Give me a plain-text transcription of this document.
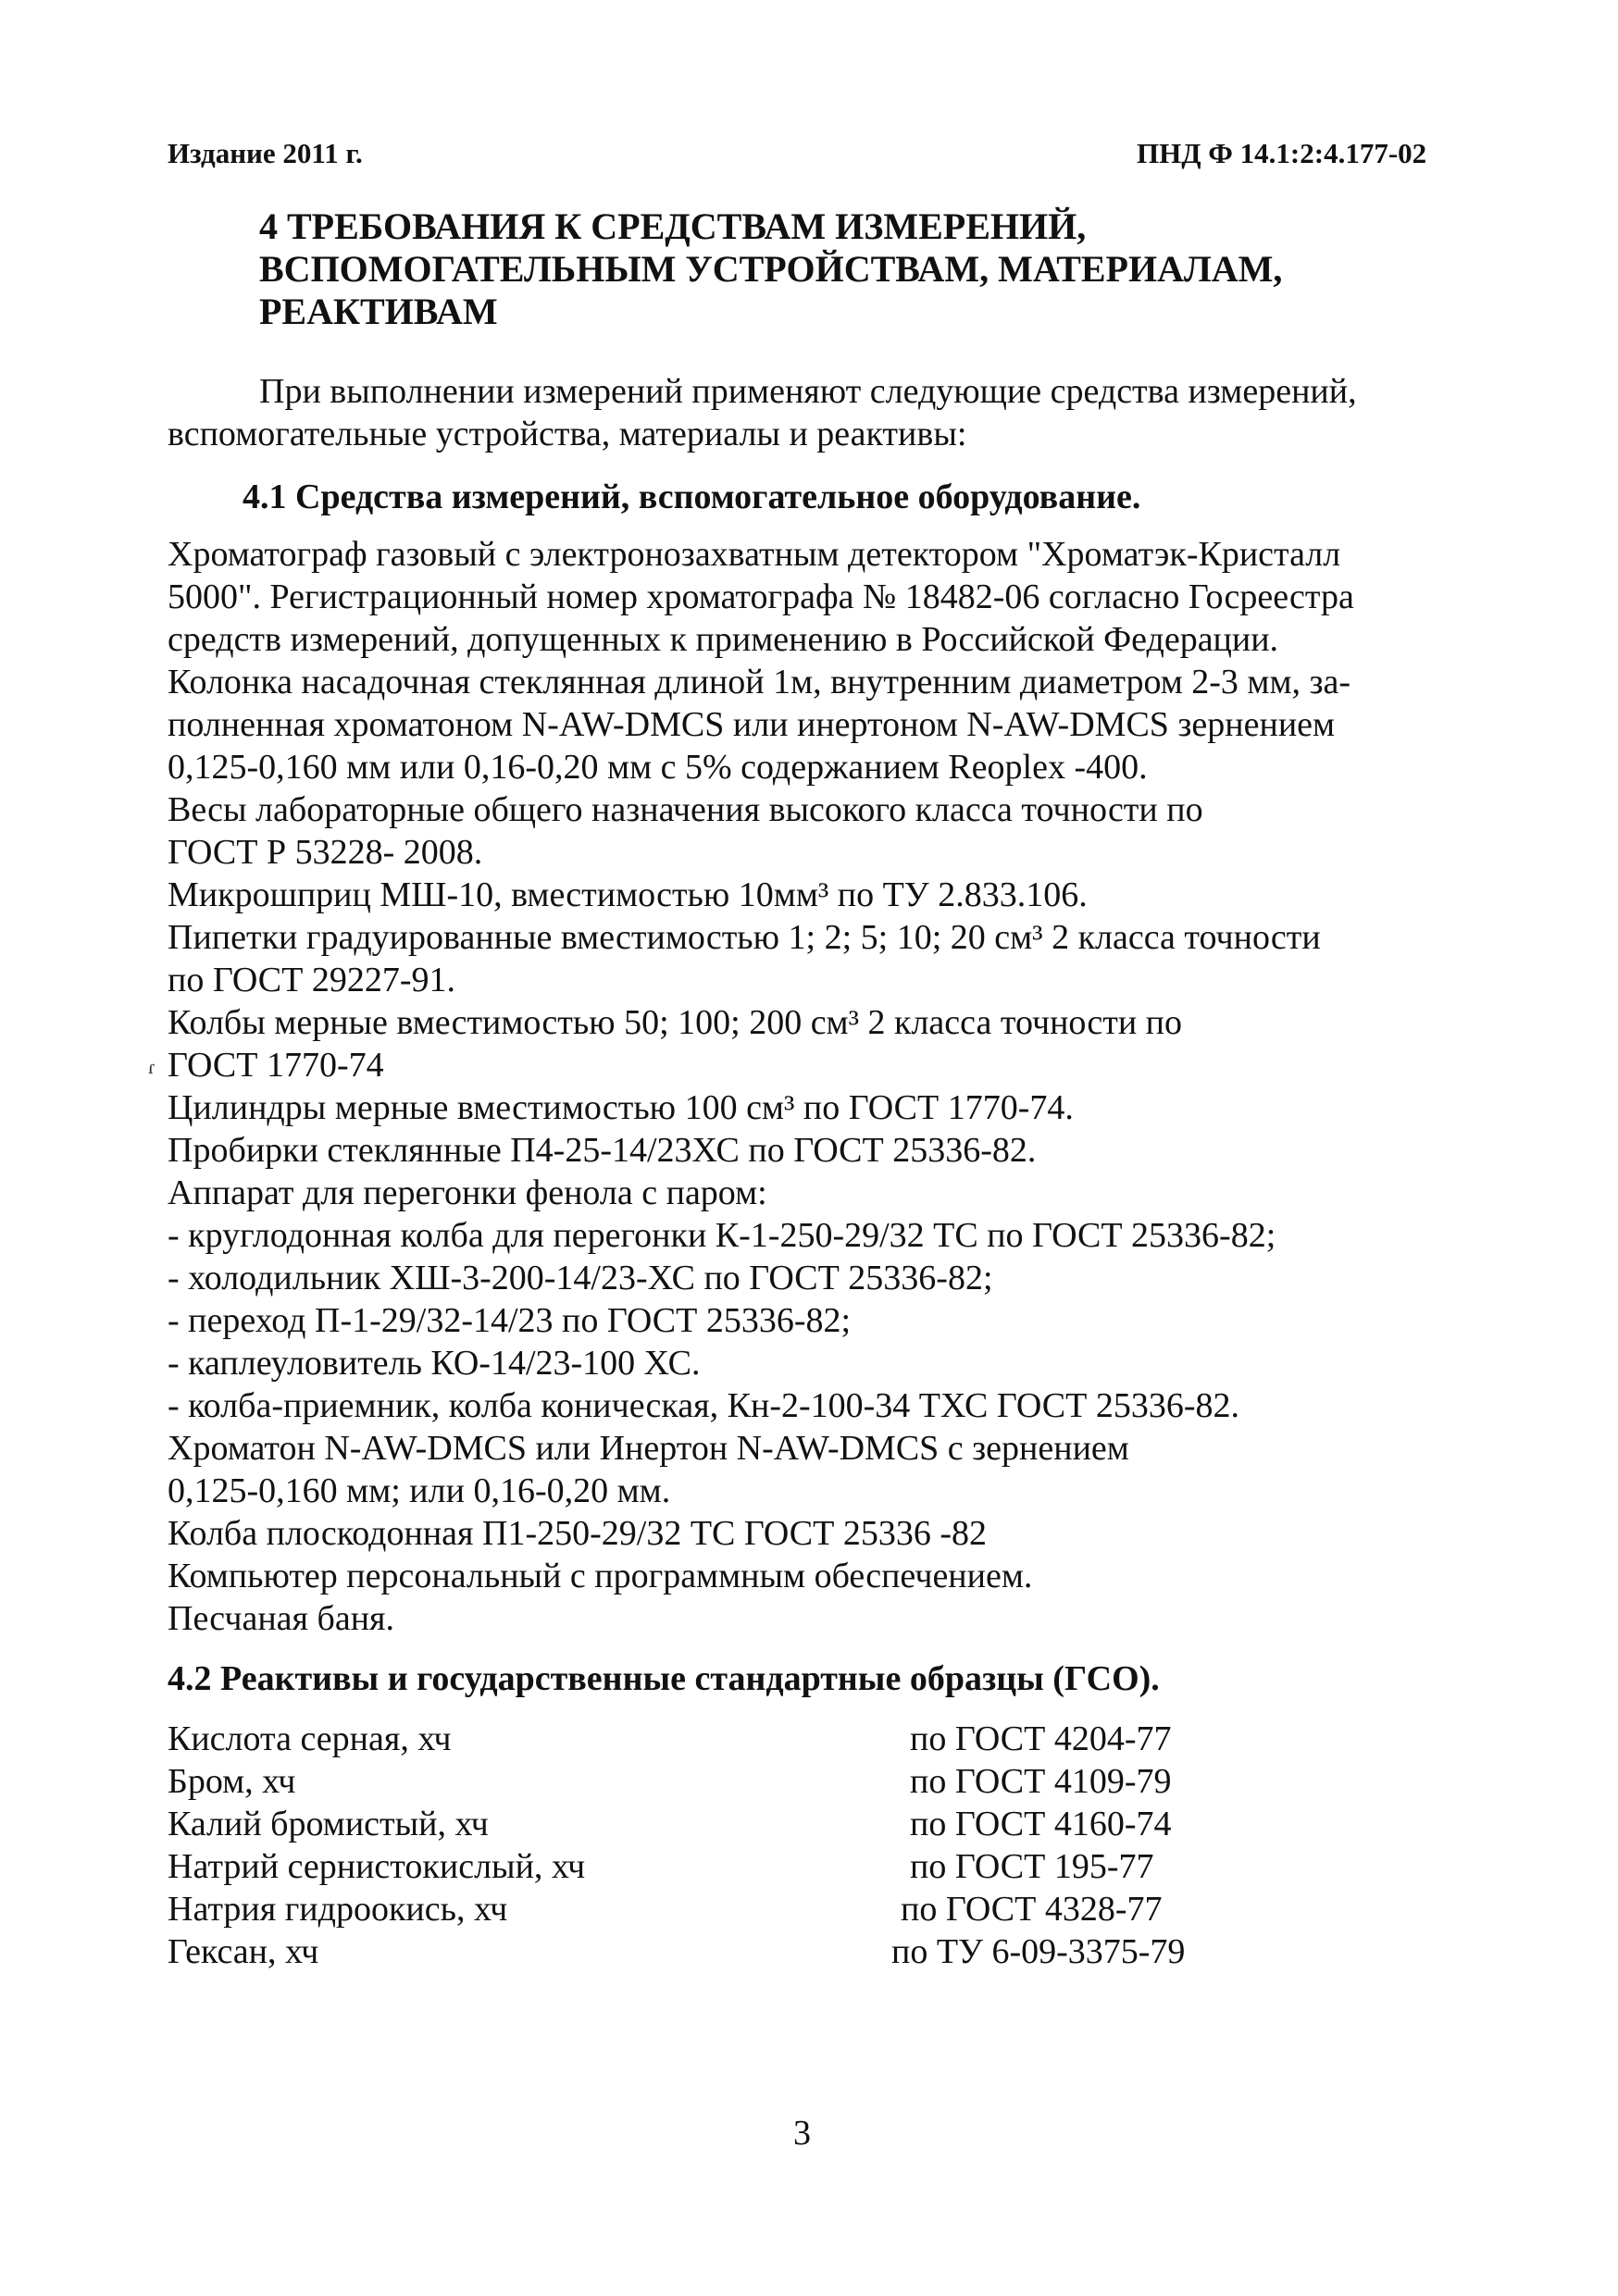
Издание 2011 г.	ПНД Ф 14.1:2:4.177-02
4 ТРЕБОВАНИЯ К СРЕДСТВАМ ИЗМЕРЕНИЙ,
ВСПОМОГАТЕЛЬНЫМ УСТРОЙСТВАМ, МАТЕРИАЛАМ,
РЕАКТИВАМ
При выполнении измерений применяют следующие средства измерений,
вспомогательные устройства, материалы и реактивы:
4.1 Средства измерений, вспомогательное оборудование.
Хроматограф газовый с электронозахватным детектором "Хроматэк-Кристалл
5000". Регистрационный номер хроматографа № 18482-06 согласно Госреестра
средств измерений, допущенных к применению в Российской Федерации.
Колонка насадочная стеклянная длиной 1м, внутренним диаметром 2-3 мм, за-
полненная хроматоном N-AW-DMCS или инертоном N-AW-DMCS зернением
0,125-0,160 мм или 0,16-0,20 мм с 5% содержанием Reoplex -400.
Весы лабораторные общего назначения высокого класса точности по
ГОСТ Р 53228- 2008.
Микрошприц МШ-10, вместимостью 10мм³ по ТУ 2.833.106.
Пипетки градуированные вместимостью 1; 2; 5; 10; 20 см³ 2 класса точности
по ГОСТ 29227-91.
Колбы мерные вместимостью 50; 100; 200 см³ 2 класса точности по
ɾ ГОСТ 1770-74
Цилиндры мерные вместимостью 100 см³ по ГОСТ 1770-74.
Пробирки стеклянные П4-25-14/23ХС по ГОСТ 25336-82.
Аппарат для перегонки фенола с паром:
- круглодонная колба для перегонки К-1-250-29/32 ТС по ГОСТ 25336-82;
- холодильник ХШ-3-200-14/23-ХС по ГОСТ 25336-82;
- переход П-1-29/32-14/23 по ГОСТ 25336-82;
- каплеуловитель КО-14/23-100 ХС.
- колба-приемник, колба коническая, Кн-2-100-34 ТХС ГОСТ 25336-82.
Хроматон N-AW-DMCS или Инертон N-AW-DMCS с зернением
0,125-0,160 мм; или 0,16-0,20 мм.
Колба плоскодонная П1-250-29/32 ТС ГОСТ 25336 -82
Компьютер персональный с программным обеспечением.
Песчаная баня.
4.2 Реактивы и государственные стандартные образцы (ГСО).
Кислота серная, хч	по ГОСТ 4204-77
Бром, хч	по ГОСТ 4109-79
Калий бромистый, хч	по ГОСТ 4160-74
Натрий сернистокислый, хч	по ГОСТ 195-77
Натрия гидроокись, хч	по ГОСТ 4328-77
Гексан, хч	по ТУ 6-09-3375-79
3
